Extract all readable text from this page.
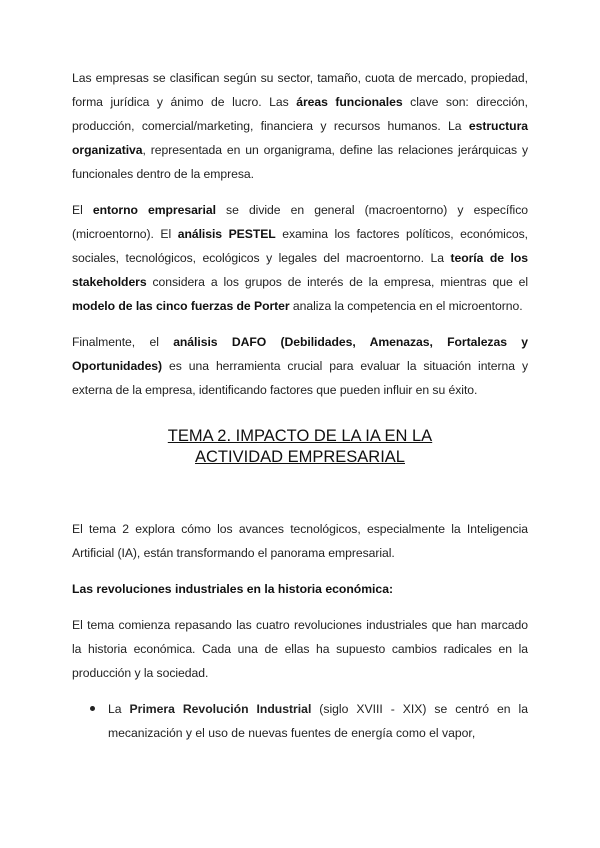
Las empresas se clasifican según su sector, tamaño, cuota de mercado, propiedad, forma jurídica y ánimo de lucro. Las áreas funcionales clave son: dirección, producción, comercial/marketing, financiera y recursos humanos. La estructura organizativa, representada en un organigrama, define las relaciones jerárquicas y funcionales dentro de la empresa.

El entorno empresarial se divide en general (macroentorno) y específico (microentorno). El análisis PESTEL examina los factores políticos, económicos, sociales, tecnológicos, ecológicos y legales del macroentorno. La teoría de los stakeholders considera a los grupos de interés de la empresa, mientras que el modelo de las cinco fuerzas de Porter analiza la competencia en el microentorno.

Finalmente, el análisis DAFO (Debilidades, Amenazas, Fortalezas y Oportunidades) es una herramienta crucial para evaluar la situación interna y externa de la empresa, identificando factores que pueden influir en su éxito.

TEMA 2. IMPACTO DE LA IA EN LA
ACTIVIDAD EMPRESARIAL

El tema 2 explora cómo los avances tecnológicos, especialmente la Inteligencia Artificial (IA), están transformando el panorama empresarial.

Las revoluciones industriales en la historia económica:

El tema comienza repasando las cuatro revoluciones industriales que han marcado la historia económica. Cada una de ellas ha supuesto cambios radicales en la producción y la sociedad.

La Primera Revolución Industrial (siglo XVIII - XIX) se centró en la mecanización y el uso de nuevas fuentes de energía como el vapor,
